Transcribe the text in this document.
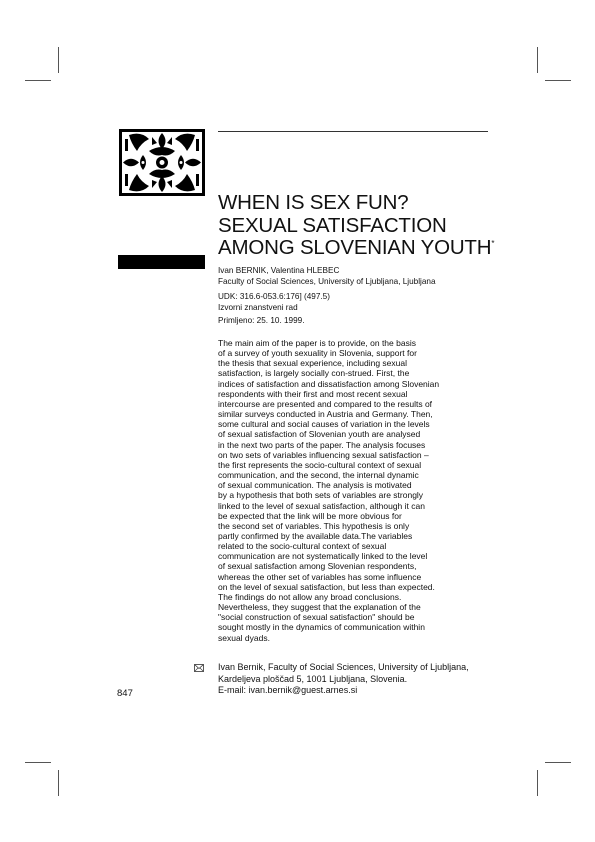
WHEN IS SEX FUN?
SEXUAL SATISFACTION
AMONG SLOVENIAN YOUTH*
Ivan BERNIK, Valentina HLEBEC
Faculty of Social Sciences, University of Ljubljana, Ljubljana
UDK: 316.6-053.6:176] (497.5)
Izvorni znanstveni rad
Primljeno: 25. 10. 1999.
The main aim of the paper is to provide, on the basis
of a survey of youth sexuality in Slovenia, support for
the thesis that sexual experience, including sexual
satisfaction, is largely socially con-strued. First, the
indices of satisfaction and dissatisfaction among Slovenian
respondents with their first and most recent sexual
intercourse are presented and compared to the results of
similar surveys conducted in Austria and Germany. Then,
some cultural and social causes of variation in the levels
of sexual satisfaction of Slovenian youth are analysed
in the next two parts of the paper. The analysis focuses
on two sets of variables influencing sexual satisfaction –
the first represents the socio-cultural context of sexual
communication, and the second, the internal dynamic
of sexual communication. The analysis is motivated
by a hypothesis that both sets of variables are strongly
linked to the level of sexual satisfaction, although it can
be expected that the link will be more obvious for
the second set of variables. This hypothesis is only
partly confirmed by the available data.The variables
related to the socio-cultural context of sexual
communication are not systematically linked to the level
of sexual satisfaction among Slovenian respondents,
whereas the other set of variables has some influence
on the level of sexual satisfaction, but less than expected.
The findings do not allow any broad conclusions.
Nevertheless, they suggest that the explanation of the
"social construction of sexual satisfaction" should be
sought mostly in the dynamics of communication within
sexual dyads.
Ivan Bernik, Faculty of Social Sciences, University of Ljubljana,
Kardeljeva ploščad 5, 1001 Ljubljana, Slovenia.
E-mail: ivan.bernik@guest.arnes.si
847
